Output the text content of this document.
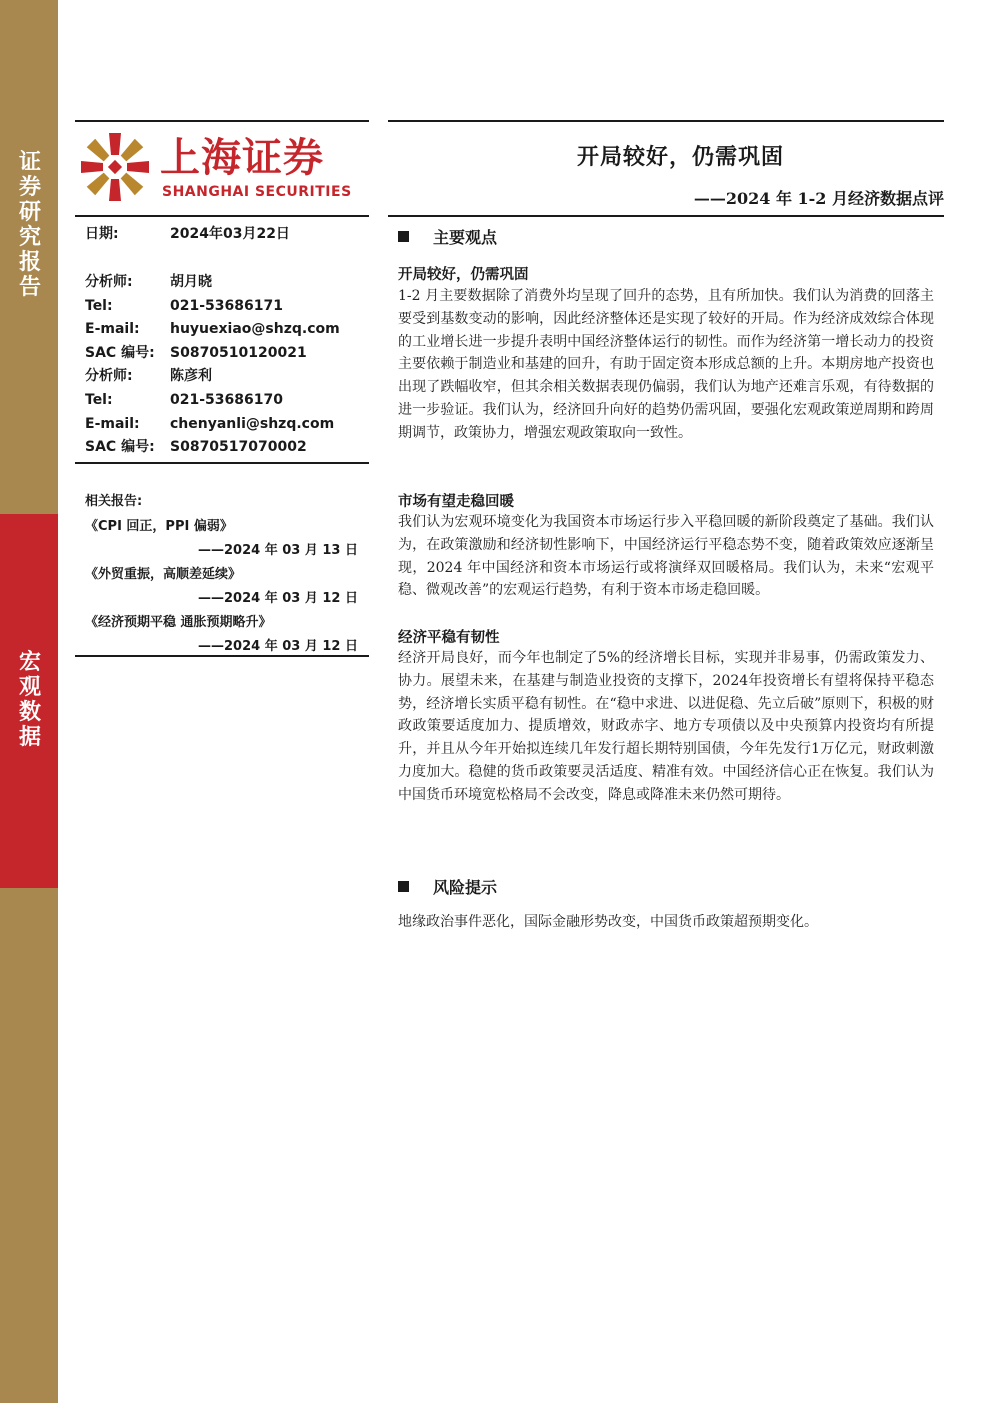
证券研究报告
宏观数据
上海证券
SHANGHAI SECURITIES
开局较好，仍需巩固
——2024 年 1-2 月经济数据点评
日期:	2024年03月22日
分析师:	胡月晓
Tel:	021-53686171
E-mail:	huyuexiao@shzq.com
SAC 编号:	S0870510120021
分析师:	陈彦利
Tel:	021-53686170
E-mail:	chenyanli@shzq.com
SAC 编号:	S0870517070002
相关报告:
《CPI 回正，PPI 偏弱》
——2024 年 03 月 13 日
《外贸重振，高顺差延续》
——2024 年 03 月 12 日
《经济预期平稳 通胀预期略升》
——2024 年 03 月 12 日
主要观点
开局较好，仍需巩固
1-2 月主要数据除了消费外均呈现了回升的态势，且有所加快。我们认为消费的回落主要受到基数变动的影响，因此经济整体还是实现了较好的开局。作为经济成效综合体现的工业增长进一步提升表明中国经济整体运行的韧性。而作为经济第一增长动力的投资主要依赖于制造业和基建的回升，有助于固定资本形成总额的上升。本期房地产投资也出现了跌幅收窄，但其余相关数据表现仍偏弱，我们认为地产还难言乐观，有待数据的进一步验证。我们认为，经济回升向好的趋势仍需巩固，要强化宏观政策逆周期和跨周期调节，政策协力，增强宏观政策取向一致性。
市场有望走稳回暖
我们认为宏观环境变化为我国资本市场运行步入平稳回暖的新阶段奠定了基础。我们认为，在政策激励和经济韧性影响下，中国经济运行平稳态势不变，随着政策效应逐渐呈现，2024 年中国经济和资本市场运行或将演绎双回暖格局。我们认为，未来“宏观平稳、微观改善”的宏观运行趋势，有利于资本市场走稳回暖。
经济平稳有韧性
经济开局良好，而今年也制定了5%的经济增长目标，实现并非易事，仍需政策发力、协力。展望未来，在基建与制造业投资的支撑下，2024年投资增长有望将保持平稳态势，经济增长实质平稳有韧性。在“稳中求进、以进促稳、先立后破”原则下，积极的财政政策要适度加力、提质增效，财政赤字、地方专项债以及中央预算内投资均有所提升，并且从今年开始拟连续几年发行超长期特别国债，今年先发行1万亿元，财政刺激力度加大。稳健的货币政策要灵活适度、精准有效。中国经济信心正在恢复。我们认为中国货币环境宽松格局不会改变，降息或降准未来仍然可期待。
风险提示
地缘政治事件恶化，国际金融形势改变，中国货币政策超预期变化。
